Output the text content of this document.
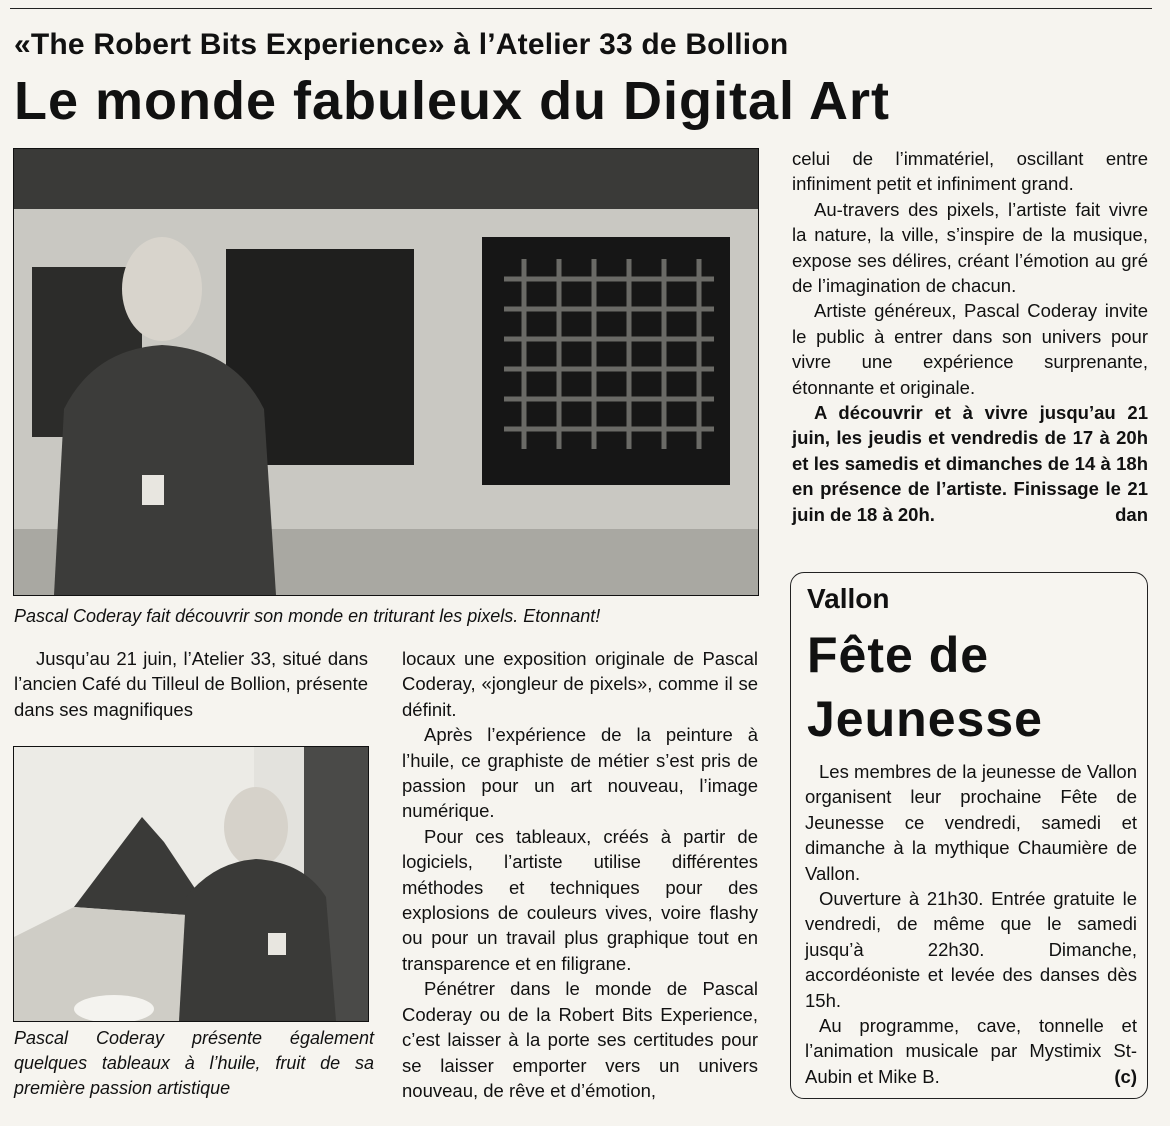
«The Robert Bits Experience» à l’Atelier 33 de Bollion
Le monde fabuleux du Digital Art
Pascal Coderay fait découvrir son monde en triturant les pixels. Etonnant!

Jusqu’au 21 juin, l’Atelier 33, situé dans l’ancien Café du Tilleul de Bollion, présente dans ses magnifiques

Pascal Coderay présente également quelques tableaux à l’huile, fruit de sa première passion artistique

locaux une exposition originale de Pascal Coderay, «jongleur de pixels», comme il se définit.

Après l’expérience de la peinture à l’huile, ce graphiste de métier s’est pris de passion pour un art nouveau, l’image numérique.

Pour ces tableaux, créés à partir de logiciels, l’artiste utilise différentes méthodes et techniques pour des explosions de couleurs vives, voire flashy ou pour un travail plus graphique tout en transparence et en filigrane.

Pénétrer dans le monde de Pascal Coderay ou de la Robert Bits Experience, c’est laisser à la porte ses certitudes pour se laisser emporter vers un univers nouveau, de rêve et d’émotion,

celui de l’immatériel, oscillant entre infiniment petit et infiniment grand.

Au-travers des pixels, l’artiste fait vivre la nature, la ville, s’inspire de la musique, expose ses délires, créant l’émotion au gré de l’imagination de chacun.

Artiste généreux, Pascal Coderay invite le public à entrer dans son univers pour vivre une expérience surprenante, étonnante et originale.

A découvrir et à vivre jusqu’au 21 juin, les jeudis et vendredis de 17 à 20h et les samedis et dimanches de 14 à 18h en présence de l’artiste. Finissage le 21 juin de 18 à 20h.	dan

Vallon
Fête de
Jeunesse

Les membres de la jeunesse de Vallon organisent leur prochaine Fête de Jeunesse ce vendredi, samedi et dimanche à la mythique Chaumière de Vallon.

Ouverture à 21h30. Entrée gratuite le vendredi, de même que le samedi jusqu’à 22h30. Dimanche, accordéoniste et levée des danses dès 15h.

Au programme, cave, tonnelle et l’animation musicale par Mystimix St-Aubin et Mike B.	(c)
